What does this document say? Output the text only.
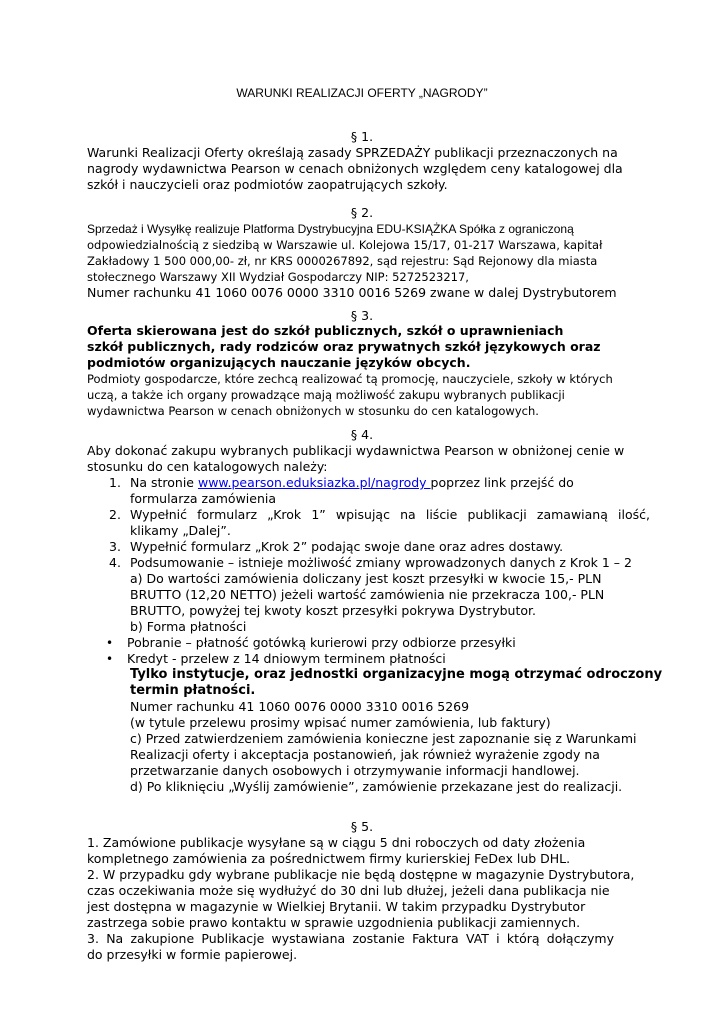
WARUNKI REALIZACJI OFERTY „NAGRODY”
§ 1.
Warunki Realizacji Oferty określają zasady SPRZEDAŻY publikacji przeznaczonych na
nagrody wydawnictwa Pearson w cenach obniżonych względem ceny katalogowej dla
szkół i nauczycieli oraz podmiotów zaopatrujących szkoły.
§ 2.
Sprzedaż i Wysyłkę realizuje Platforma Dystrybucyjna EDU-KSIĄŻKA Spółka z ograniczoną
odpowiedzialnością z siedzibą w Warszawie ul. Kolejowa 15/17, 01-217 Warszawa, kapitał
Zakładowy 1 500 000,00- zł, nr KRS 0000267892, sąd rejestru: Sąd Rejonowy dla miasta
stołecznego Warszawy XII Wydział Gospodarczy NIP: 5272523217,
Numer rachunku 41 1060 0076 0000 3310 0016 5269 zwane w dalej Dystrybutorem
§ 3.
Oferta skierowana jest do szkół publicznych, szkół o uprawnieniach
szkół publicznych, rady rodziców oraz prywatnych szkół językowych oraz
podmiotów organizujących nauczanie języków obcych.
Podmioty gospodarcze, które zechcą realizować tą promocję, nauczyciele, szkoły w których
uczą, a także ich organy prowadzące mają możliwość zakupu wybranych publikacji
wydawnictwa Pearson w cenach obniżonych w stosunku do cen katalogowych.
§ 4.
Aby dokonać zakupu wybranych publikacji wydawnictwa Pearson w obniżonej cenie w
stosunku do cen katalogowych należy:
1. Na stronie www.pearson.eduksiazka.pl/nagrody poprzez link przejść do
formularza zamówienia
2. Wypełnić formularz „Krok 1” wpisując na liście publikacji zamawianą ilość,
klikamy „Dalej”.
3. Wypełnić formularz „Krok 2” podając swoje dane oraz adres dostawy.
4. Podsumowanie – istnieje możliwość zmiany wprowadzonych danych z Krok 1 – 2
a) Do wartości zamówienia doliczany jest koszt przesyłki w kwocie 15,- PLN
BRUTTO (12,20 NETTO) jeżeli wartość zamówienia nie przekracza 100,- PLN
BRUTTO, powyżej tej kwoty koszt przesyłki pokrywa Dystrybutor.
b) Forma płatności
• Pobranie – płatność gotówką kurierowi przy odbiorze przesyłki
• Kredyt - przelew z 14 dniowym terminem płatności
Tylko instytucje, oraz jednostki organizacyjne mogą otrzymać odroczony
termin płatności.
Numer rachunku 41 1060 0076 0000 3310 0016 5269
(w tytule przelewu prosimy wpisać numer zamówienia, lub faktury)
c) Przed zatwierdzeniem zamówienia konieczne jest zapoznanie się z Warunkami
Realizacji oferty i akceptacja postanowień, jak również wyrażenie zgody na
przetwarzanie danych osobowych i otrzymywanie informacji handlowej.
d) Po kliknięciu „Wyślij zamówienie”, zamówienie przekazane jest do realizacji.
§ 5.
1. Zamówione publikacje wysyłane są w ciągu 5 dni roboczych od daty złożenia
kompletnego zamówienia za pośrednictwem firmy kurierskiej FeDex lub DHL.
2. W przypadku gdy wybrane publikacje nie będą dostępne w magazynie Dystrybutora,
czas oczekiwania może się wydłużyć do 30 dni lub dłużej, jeżeli dana publikacja nie
jest dostępna w magazynie w Wielkiej Brytanii. W takim przypadku Dystrybutor
zastrzega sobie prawo kontaktu w sprawie uzgodnienia publikacji zamiennych.
3. Na zakupione Publikacje wystawiana zostanie Faktura VAT i którą dołączymy
do przesyłki w formie papierowej.
